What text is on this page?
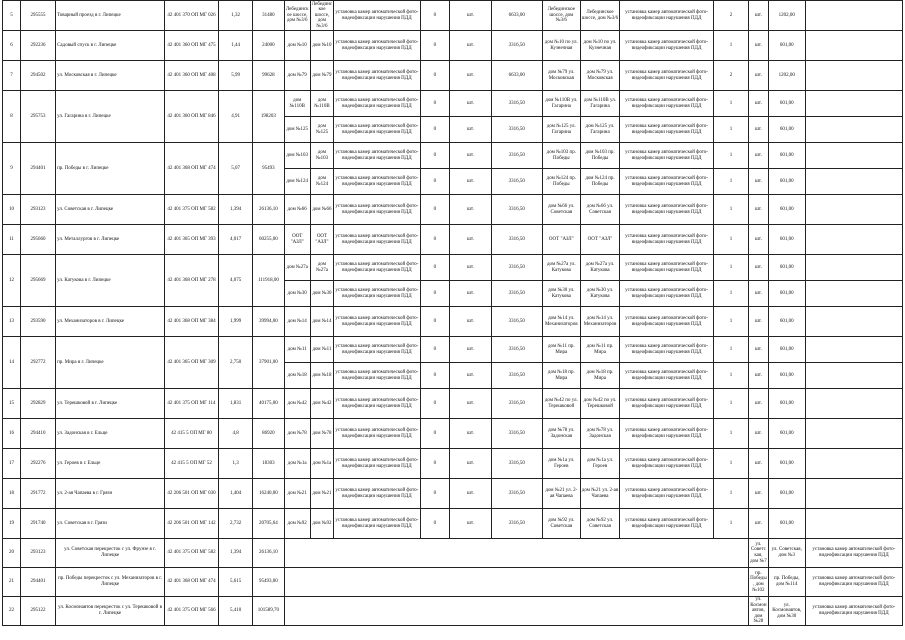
5	295555	Товарный проезд в г. Липецке	42 401 370 ОП МГ 026	1,32	31480	Лебединское шоссе, дом №3/6	Лебединское шоссе, дом №3/6	установка камер автоматической фото- видеофиксации нарушения ПДД	0	шт.	6633,00	Лебединское шоссе, дом №3/6	Лебединское шоссе, дом №3/6	установка камер автоматической фото- видеофиксации нарушения ПДД	2	шт.	1202,00	
6	292236	Садовый спуск в г. Липецке	42 401 360 ОП МГ 475	1,44	24000	дом №10	дом №10	установка камер автоматической фото- видеофиксации нарушения ПДД	0	шт.	3316,50	дом №10 по ул. Кузнечная	дом №10 по ул. Кузнечная	установка камер автоматической фото- видеофиксации нарушения ПДД	1	шт.	601,00	
7	294502	ул. Московская в г. Липецке	42 401 360 ОП МГ 408	5,99	99628	дом №79	дом №79	установка камер автоматической фото- видеофиксации нарушения ПДД	0	шт.	6633,00	дом №79 ул. Московская	дом №79 ул. Московская	установка камер автоматической фото- видеофиксации нарушения ПДД	2	шт.	1202,00	
8	295753	ул. Гагарина в г. Липецке	42 401 360 ОП МГ 846	4,91	198203	дом №110В	дом №110В	установка камер автоматической фото- видеофиксации нарушения ПДД	0	шт.	3316,50	дом №110В ул. Гагарина	дом №110В ул. Гагарина	установка камер автоматической фото- видеофиксации нарушения ПДД	1	шт.	601,00	
						дом №125	дом №125	установка камер автоматической фото- видеофиксации нарушения ПДД	0	шт.	3316,50	дом №125 ул. Гагарина	дом №125 ул. Гагарина	установка камер автоматической фото- видеофиксации нарушения ПДД	1	шт.	601,00	
9	294401	пр. Победы в г. Липецке	42 401 368 ОП МГ 474	5,07	95493	дом №103	дом №103	установка камер автоматической фото- видеофиксации нарушения ПДД	0	шт.	3316,50	дом №103 пр. Победы	дом №103 пр. Победы	установка камер автоматической фото- видеофиксации нарушения ПДД	1	шт.	601,00	
						дом №124	дом №124	установка камер автоматической фото- видеофиксации нарушения ПДД	0	шт.	3316,50	дом №124 пр. Победы	дом №124 пр. Победы	установка камер автоматической фото- видеофиксации нарушения ПДД	1	шт.	601,00	
10	293123	ул. Советская в г. Липецке	42 401 375 ОП МГ 582	1,394	26136,10	дом №66	дом №66	установка камер автоматической фото- видеофиксации нарушения ПДД	0	шт.	3316,50	дом №66 ул. Советская	дом №66 ул. Советская	установка камер автоматической фото- видеофиксации нарушения ПДД	1	шт.	601,00	
11	295660	ул. Металлургов в г. Липецке	42 401 365 ОП МГ 393	4,017	60255,00	ООТ "АЗЛ"	ООТ "АЗЛ"	установка камер автоматической фото- видеофиксации нарушения ПДД	0	шт.	3316,50	ООТ "АЗЛ"	ООТ "АЗЛ"	установка камер автоматической фото- видеофиксации нарушения ПДД	1	шт.	601,00	
12	295669	ул. Катукова в г. Липецке	42 401 368 ОП МГ 278	4,075	111918,00	дом №27а	дом №27а	установка камер автоматической фото- видеофиксации нарушения ПДД	0	шт.	3316,50	дом №27а ул. Катукова	дом №27а ул. Катукова	установка камер автоматической фото- видеофиксации нарушения ПДД	1	шт.	601,00	
						дом №30	дом №30	установка камер автоматической фото- видеофиксации нарушения ПДД	0	шт.	3316,50	дом №30 ул. Катукова	дом №30 ул. Катукова	установка камер автоматической фото- видеофиксации нарушения ПДД	1	шт.	601,00	
13	293590	ул. Механизаторов в г. Липецке	42 401 368 ОП МГ 384	1,999	39994,00	дом №14	дом №14	установка камер автоматической фото- видеофиксации нарушения ПДД	0	шт.	3316,50	дом №14 ул. Механизаторов	дом №14 ул. Механизаторов	установка камер автоматической фото- видеофиксации нарушения ПДД	1	шт.	601,00	
14	292772	пр. Мира в г. Липецке	42 401 365 ОП МГ 309	2,750	37901,00	дом №11	дом №11	установка камер автоматической фото- видеофиксации нарушения ПДД	0	шт.	3316,50	дом №11 пр. Мира	дом №11 пр. Мира	установка камер автоматической фото- видеофиксации нарушения ПДД	1	шт.	601,00	
						дом №18	дом №18	установка камер автоматической фото- видеофиксации нарушения ПДД	0	шт.	3316,50	дом №18 пр. Мира	дом №18 пр. Мира	установка камер автоматической фото- видеофиксации нарушения ПДД	1	шт.	601,00	
15	292829	ул. Терешковой в г. Липецке	42 401 375 ОП МГ 114	1,831	40175,00	дом №42	дом №42	установка камер автоматической фото- видеофиксации нарушения ПДД	0	шт.	3316,50	дом №42 по ул. Терешковой	дом №42 по ул. Терешковой	установка камер автоматической фото- видеофиксации нарушения ПДД	1	шт.	601,00	
16	294410	ул. Задонская в г. Ельце	42 415 5 ОП МГ 80	4,8	86920	дом №78	дом №78	установка камер автоматической фото- видеофиксации нарушения ПДД	0	шт.	3316,50	дом №78 ул. Задонская	дом №78 ул. Задонская	установка камер автоматической фото- видеофиксации нарушения ПДД	1	шт.	601,00	
17	292276	ул. Героев в г. Ельце	42 415 5 ОП МГ 52	1,3	18303	дом №1а	дом №1а	установка камер автоматической фото- видеофиксации нарушения ПДД	0	шт.	3316,50	дом №1а ул. Героев	дом №1а ул. Героев	установка камер автоматической фото- видеофиксации нарушения ПДД	1	шт.	601,00	
18	291772	ул. 2-ая Чапаева в г. Грязи	42 206 501 ОП МГ 030	1,404	16240,00	дом №21	дом №21	установка камер автоматической фото- видеофиксации нарушения ПДД	0	шт.	3316,50	дом №21 ул. 2-ая Чапаева	дом №21 ул. 2-ая Чапаева	установка камер автоматической фото- видеофиксации нарушения ПДД	1	шт.	601,00	
19	291740	ул. Советская в г. Грязи	42 206 501 ОП МГ 142	2,732	20705,64	дом №92	дом №92	установка камер автоматической фото- видеофиксации нарушения ПДД	0	шт.	3316,50	дом №92 ул. Советская	дом №92 ул. Советская	установка камер автоматической фото- видеофиксации нарушения ПДД	1	шт.	601,00	
20	293123	ул. Советская перекресток с ул. Фрунзе в г. Липецке	42 401 375 ОП МГ 582	1,394	26136,10											ул. Советская, дом №7	ул. Советская, дом №3	установка камер автоматической фото- видеофиксации нарушения ПДД
21	294401	пр. Победы перекресток с ул. Механизаторов в г. Липецке	42 401 368 ОП МГ 474	5,615	95493,00											пр. Победы, дом №102	пр. Победы, дом №114	установка камер автоматической фото- видеофиксации нарушения ПДД
22	295122	ул. Космонавтов перекресток с ул. Терешковой в г. Липецке	42 401 375 ОП МГ 566	5,410	101589,70											ул. Космонавтов, дом №28	ул. Космонавтов, дом №30	установка камер автоматической фото- видеофиксации нарушения ПДД
